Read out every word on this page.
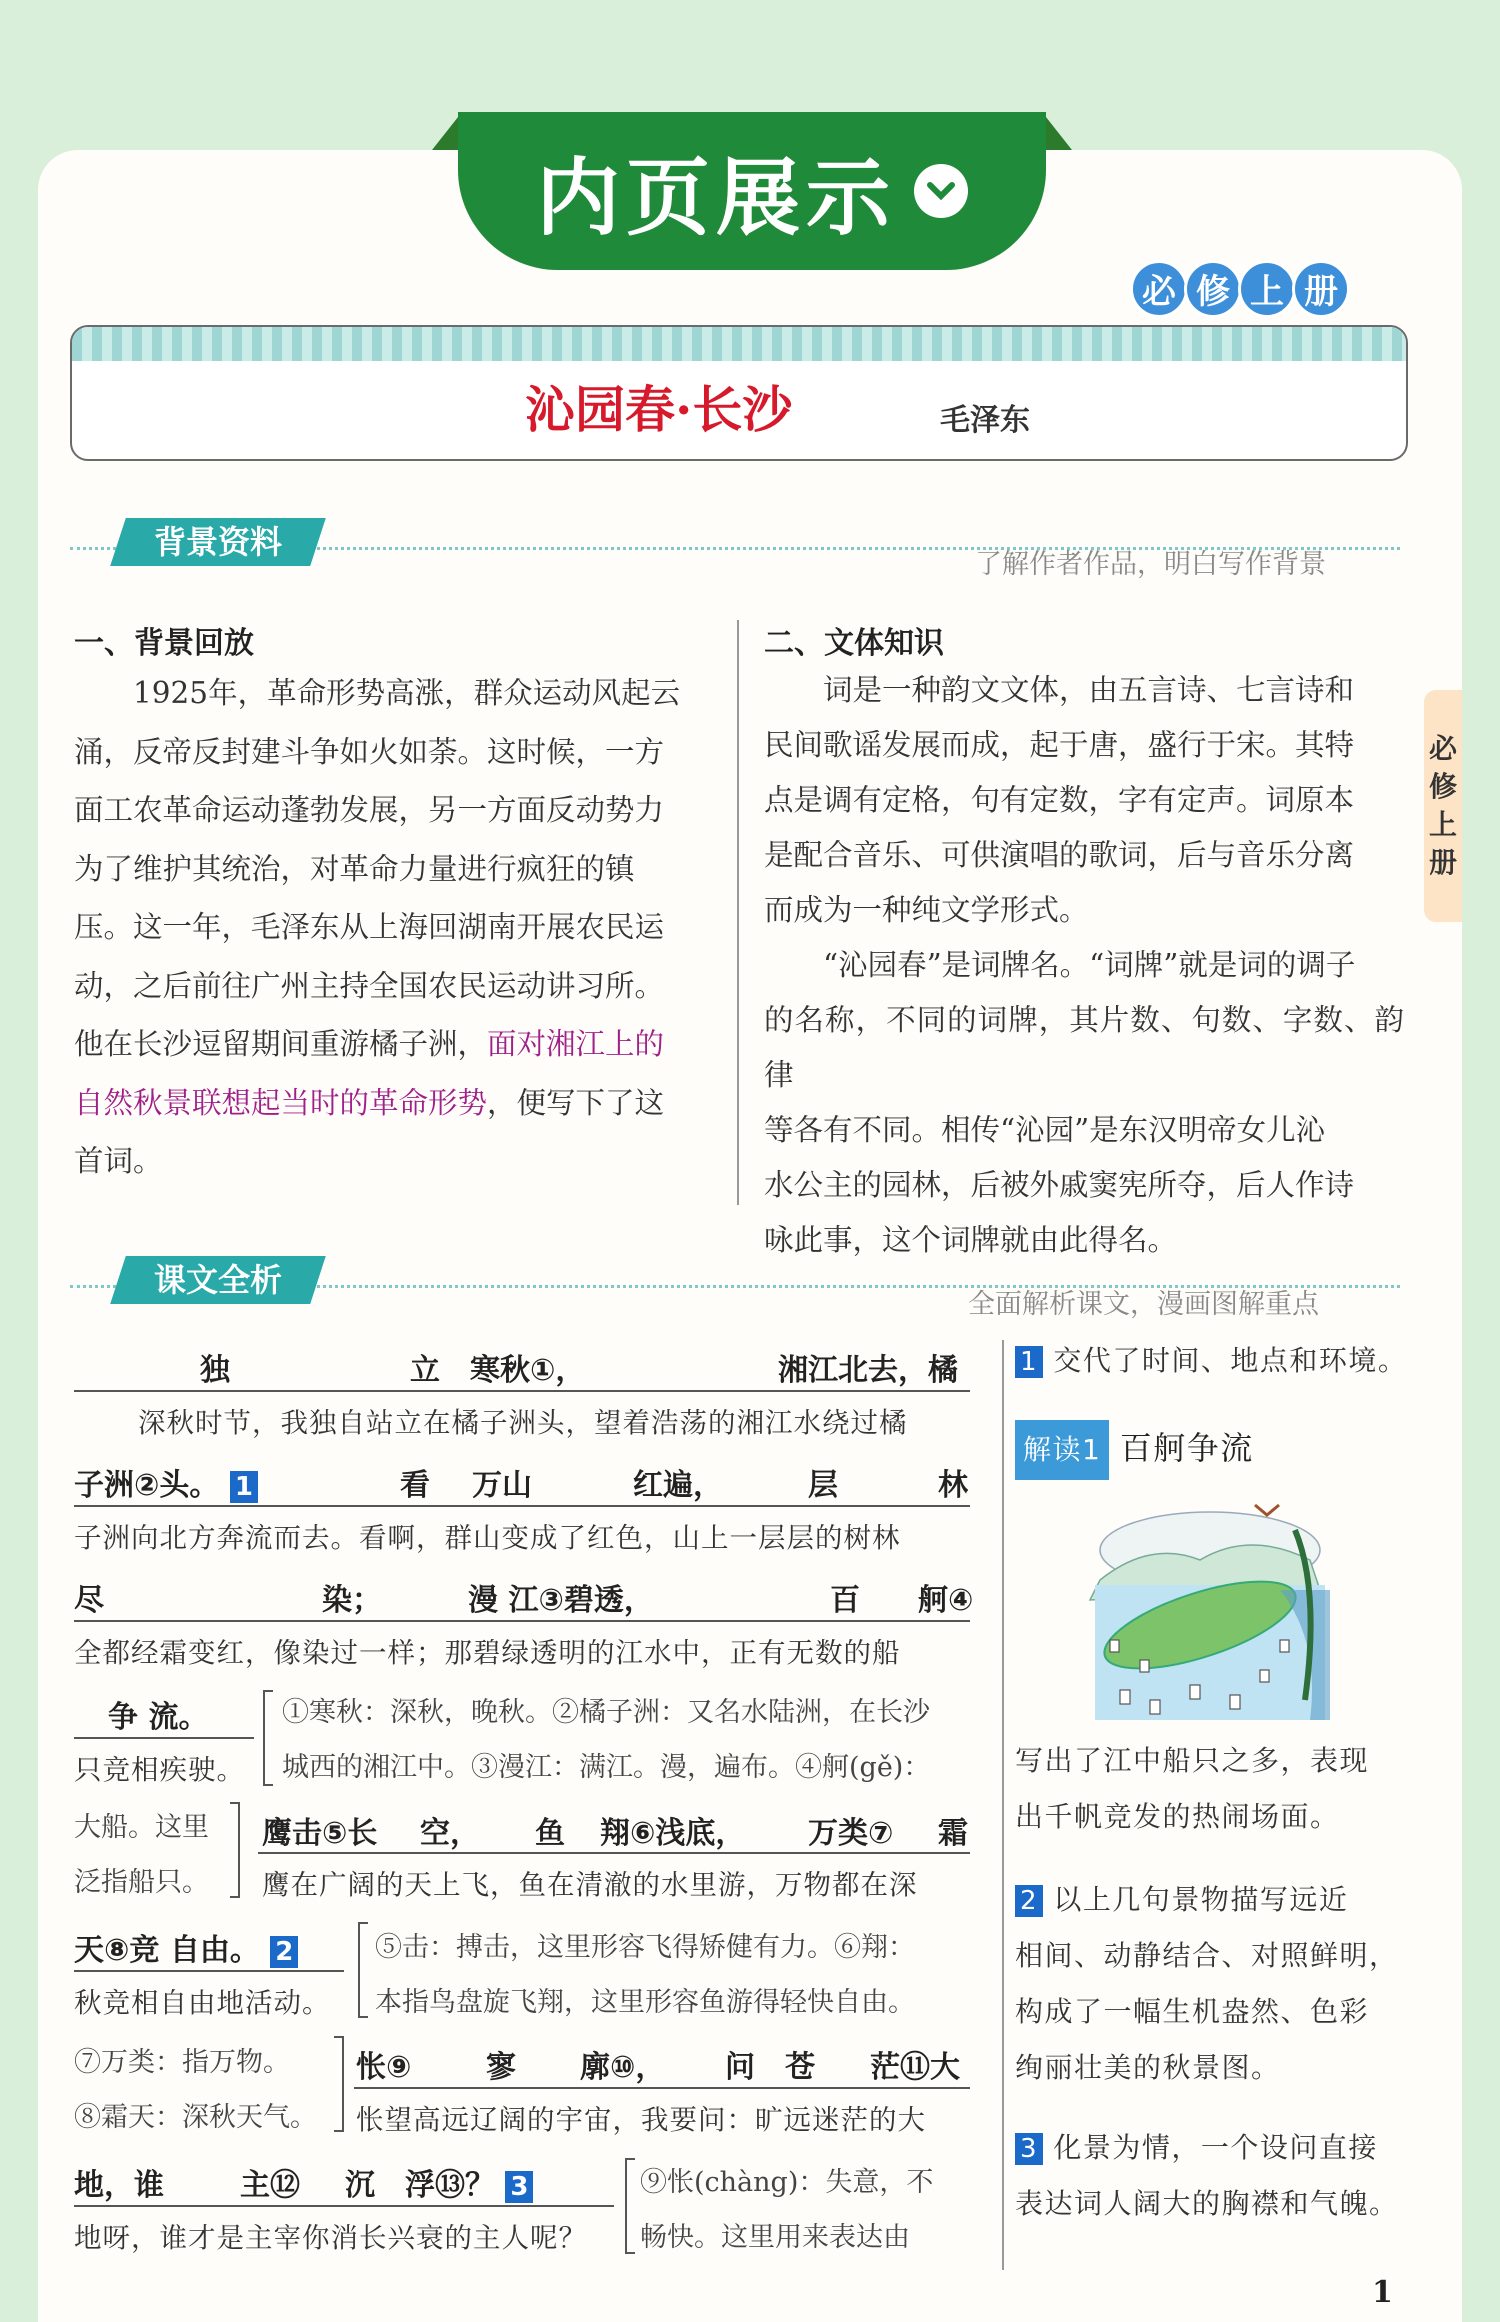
内页展示
必 修 上 册
沁园春·长沙	毛泽东
背景资料
了解作者作品，明白写作背景
一、背景回放
　　1925年，革命形势高涨，群众运动风起云
涌，反帝反封建斗争如火如荼。这时候，一方
面工农革命运动蓬勃发展，另一方面反动势力
为了维护其统治，对革命力量进行疯狂的镇
压。这一年，毛泽东从上海回湖南开展农民运
动，之后前往广州主持全国农民运动讲习所。
他在长沙逗留期间重游橘子洲，面对湘江上的
自然秋景联想起当时的革命形势，便写下了这
首词。
二、文体知识
　　词是一种韵文文体，由五言诗、七言诗和
民间歌谣发展而成，起于唐，盛行于宋。其特
点是调有定格，句有定数，字有定声。词原本
是配合音乐、可供演唱的歌词，后与音乐分离
而成为一种纯文学形式。
　　“沁园春”是词牌名。“词牌”就是词的调子
的名称，不同的词牌，其片数、句数、字数、韵律
等各有不同。相传“沁园”是东汉明帝女儿沁
水公主的园林，后被外戚窦宪所夺，后人作诗
咏此事，这个词牌就由此得名。
必
修
上
册
课文全析
全面解析课文，漫画图解重点
独	立 寒秋①，	湘江北去，橘
深秋时节，我独自站立在橘子洲头，望着浩荡的湘江水绕过橘
子洲②头。 1	看 万山	红遍，	层	林
子洲向北方奔流而去。看啊，群山变成了红色，山上一层层的树林
尽	染；	漫 江③碧透，	百 舸④
全都经霜变红，像染过一样；那碧绿透明的江水中，正有无数的船
争 流。
只竞相疾驶。
①寒秋：深秋，晚秋。②橘子洲：又名水陆洲，在长沙
城西的湘江中。③漫江：满江。漫，遍布。④舸(gě)：
大船。这里
泛指船只。
鹰击⑤长 空， 鱼 翔⑥浅底， 万类⑦ 霜
鹰在广阔的天上飞，鱼在清澈的水里游，万物都在深
天⑧竞 自由。 2
秋竞相自由地活动。
⑤击：搏击，这里形容飞得矫健有力。⑥翔：
本指鸟盘旋飞翔，这里形容鱼游得轻快自由。
⑦万类：指万物。
⑧霜天：深秋天气。
怅⑨ 寥 廓⑩， 问 苍 茫⑪大
怅望高远辽阔的宇宙，我要问：旷远迷茫的大
地，谁	主⑫ 沉 浮⑬？ 3
地呀，谁才是主宰你消长兴衰的主人呢？
⑨怅(chàng)：失意，不
畅快。这里用来表达由
1 交代了时间、地点和环境。
解读1 百舸争流
写出了江中船只之多，表现
出千帆竞发的热闹场面。
2 以上几句景物描写远近
相间、动静结合、对照鲜明，
构成了一幅生机盎然、色彩
绚丽壮美的秋景图。
3 化景为情，一个设问直接
表达词人阔大的胸襟和气魄。
1
